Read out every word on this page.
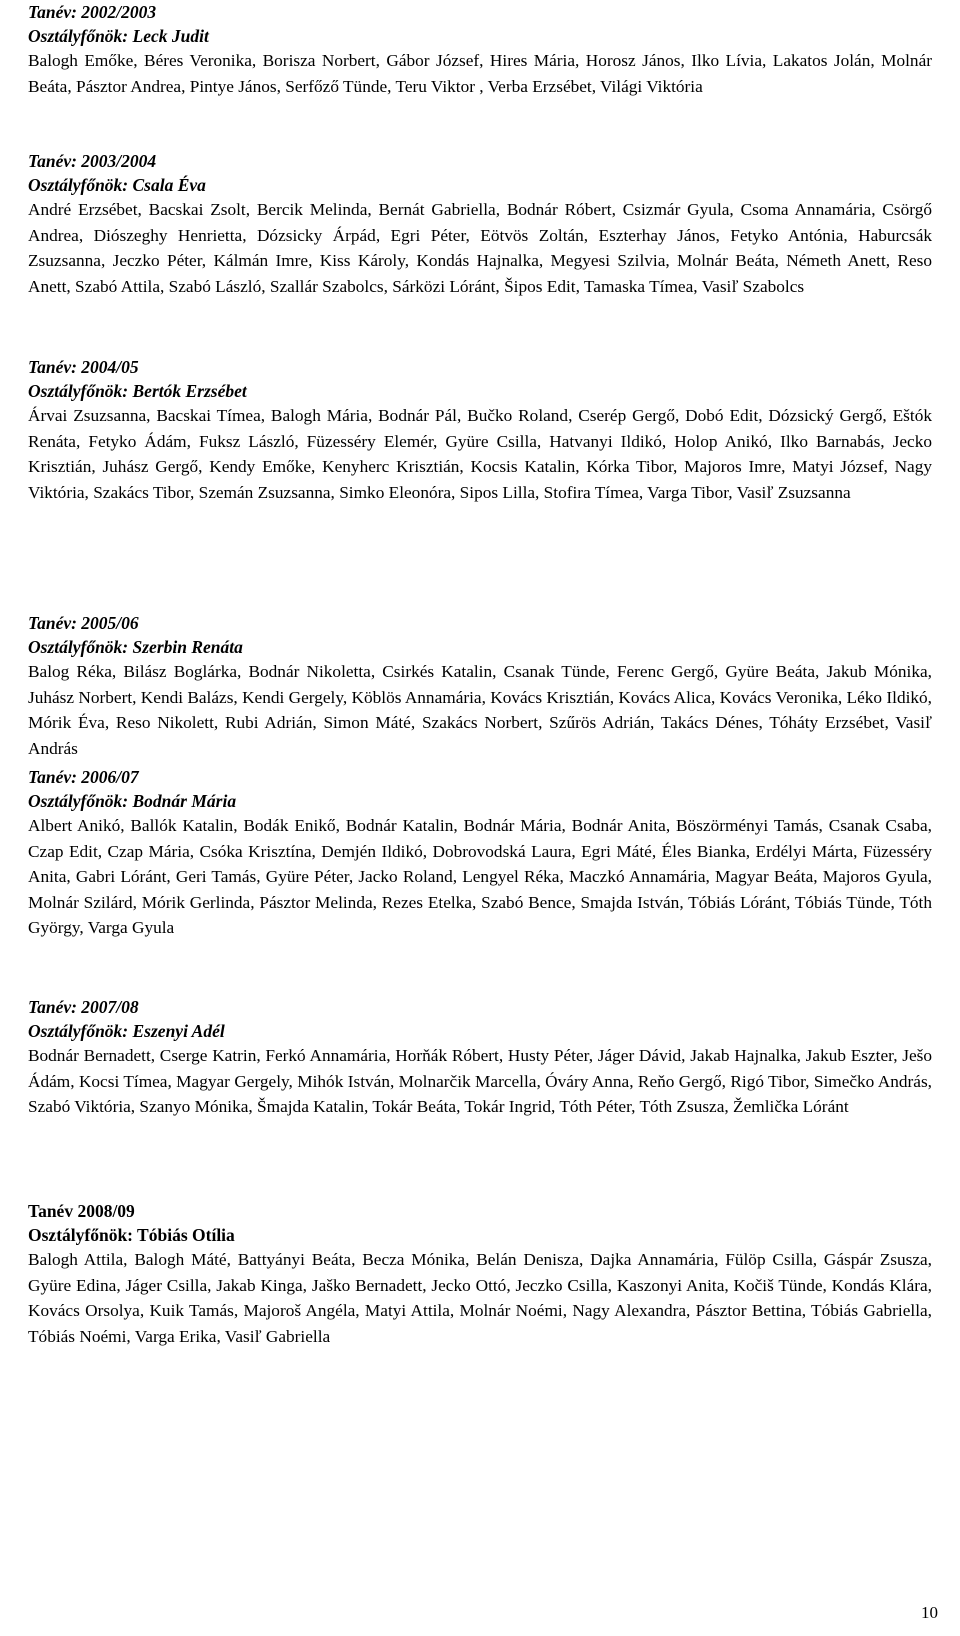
Tanév: 2002/2003
Osztályfőnök: Leck Judit

Balogh Emőke, Béres Veronika, Borisza Norbert, Gábor József, Hires Mária, Horosz János, Ilko Lívia, Lakatos Jolán, Molnár Beáta, Pásztor Andrea, Pintye János, Serfőző Tünde, Teru Viktor , Verba Erzsébet, Világi Viktória

Tanév: 2003/2004
Osztályfőnök: Csala Éva

André Erzsébet, Bacskai Zsolt, Bercik Melinda, Bernát Gabriella, Bodnár Róbert, Csizmár Gyula, Csoma Annamária, Csörgő Andrea, Diószeghy Henrietta, Dózsicky Árpád, Egri Péter, Eötvös Zoltán, Eszterhay János, Fetyko Antónia, Haburcsák Zsuzsanna, Jeczko Péter, Kálmán Imre, Kiss Károly, Kondás Hajnalka, Megyesi Szilvia, Molnár Beáta, Németh Anett, Reso Anett, Szabó Attila, Szabó László, Szallár Szabolcs, Sárközi Lóránt, Šipos Edit, Tamaska Tímea, Vasiľ Szabolcs

Tanév: 2004/05
Osztályfőnök: Bertók Erzsébet

Árvai Zsuzsanna, Bacskai Tímea, Balogh Mária, Bodnár Pál, Bučko Roland, Cserép Gergő, Dobó Edit, Dózsický Gergő, Eštók Renáta, Fetyko Ádám, Fuksz László, Füzesséry Elemér, Gyüre Csilla, Hatvanyi Ildikó, Holop Anikó, Ilko Barnabás, Jecko Krisztián, Juhász Gergő, Kendy Emőke, Kenyherc Krisztián, Kocsis Katalin, Kórka Tibor, Majoros Imre, Matyi József, Nagy Viktória, Szakács Tibor, Szemán Zsuzsanna, Simko Eleonóra, Sipos Lilla, Stofira Tímea, Varga Tibor, Vasiľ Zsuzsanna

Tanév: 2005/06
Osztályfőnök: Szerbin Renáta

Balog Réka, Bilász Boglárka, Bodnár Nikoletta, Csirkés Katalin, Csanak Tünde, Ferenc Gergő, Gyüre Beáta, Jakub Mónika, Juhász Norbert, Kendi Balázs, Kendi Gergely, Köblös Annamária, Kovács Krisztián, Kovács Alica, Kovács Veronika, Léko Ildikó, Mórik Éva, Reso Nikolett, Rubi Adrián, Simon Máté, Szakács Norbert, Szűrös Adrián, Takács Dénes, Tóháty Erzsébet, Vasiľ András

Tanév: 2006/07
Osztályfőnök: Bodnár Mária

Albert Anikó, Ballók Katalin, Bodák Enikő, Bodnár Katalin, Bodnár Mária, Bodnár Anita, Böszörményi Tamás, Csanak Csaba, Czap Edit, Czap Mária, Csóka Krisztína, Demjén Ildikó, Dobrovodská Laura, Egri Máté, Éles Bianka, Erdélyi Márta, Füzesséry Anita, Gabri Lóránt, Geri Tamás, Gyüre Péter, Jacko Roland, Lengyel Réka, Maczkó Annamária, Magyar Beáta, Majoros Gyula, Molnár Szilárd, Mórik Gerlinda, Pásztor Melinda, Rezes Etelka, Szabó Bence, Smajda István, Tóbiás Lóránt, Tóbiás Tünde, Tóth György, Varga Gyula

Tanév: 2007/08
Osztályfőnök: Eszenyi Adél

Bodnár Bernadett, Cserge Katrin, Ferkó Annamária, Horňák Róbert, Husty Péter, Jáger Dávid, Jakab Hajnalka, Jakub Eszter, Ješo Ádám, Kocsi Tímea, Magyar Gergely, Mihók István, Molnarčik Marcella, Óváry Anna, Reňo Gergő, Rigó Tibor, Simečko András, Szabó Viktória, Szanyo Mónika, Šmajda Katalin, Tokár Beáta, Tokár Ingrid, Tóth Péter, Tóth Zsusza, Žemlička Lóránt

Tanév 2008/09
Osztályfőnök: Tóbiás Otília

Balogh Attila, Balogh Máté, Battyányi Beáta, Becza Mónika, Belán Denisza, Dajka Annamária, Fülöp Csilla, Gáspár Zsusza, Gyüre Edina, Jáger Csilla, Jakab Kinga, Jaško Bernadett, Jecko Ottó, Jeczko Csilla, Kaszonyi Anita, Kočiš Tünde, Kondás Klára, Kovács Orsolya, Kuik Tamás, Majoroš Angéla, Matyi Attila, Molnár Noémi, Nagy Alexandra, Pásztor Bettina, Tóbiás Gabriella, Tóbiás Noémi, Varga Erika, Vasiľ Gabriella

10
